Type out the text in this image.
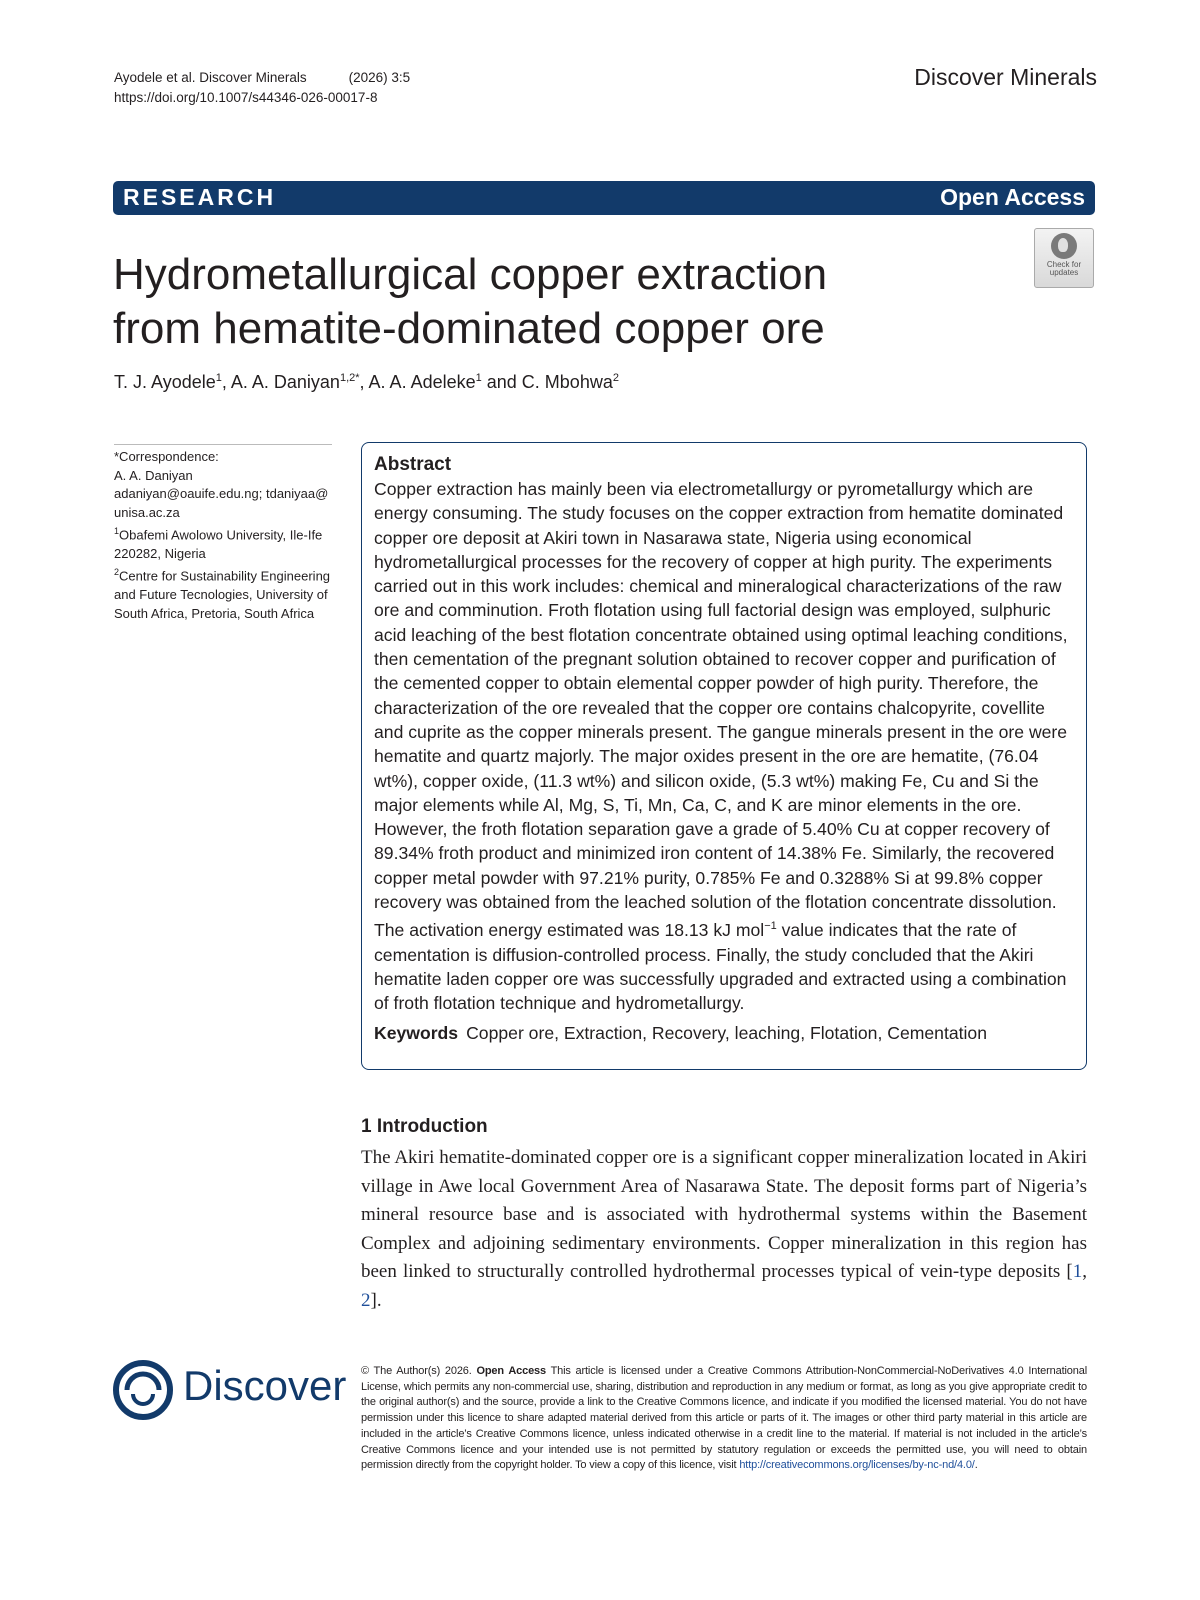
Ayodele et al. Discover Minerals	(2026) 3:5
https://doi.org/10.1007/s44346-026-00017-8
Discover Minerals
RESEARCH	Open Access
Check for
updates
Hydrometallurgical copper extraction
from hematite-dominated copper ore
T. J. Ayodele$^1$, A. A. Daniyan$^{1,2*}$, A. A. Adeleke$^1$ and C. Mbohwa$^2$
*Correspondence:
A. A. Daniyan
adaniyan@oauife.edu.ng; tdaniyaa@
unisa.ac.za
$^1$Obafemi Awolowo University, Ile-Ife 220282, Nigeria
$^2$Centre for Sustainability Engineering and Future Tecnologies, University of South Africa, Pretoria, South Africa
Abstract
Copper extraction has mainly been via electrometallurgy or pyrometallurgy which are energy consuming. The study focuses on the copper extraction from hematite dominated copper ore deposit at Akiri town in Nasarawa state, Nigeria using economical hydrometallurgical processes for the recovery of copper at high purity. The experiments carried out in this work includes: chemical and mineralogical characterizations of the raw ore and comminution. Froth flotation using full factorial design was employed, sulphuric acid leaching of the best flotation concentrate obtained using optimal leaching conditions, then cementation of the pregnant solution obtained to recover copper and purification of the cemented copper to obtain elemental copper powder of high purity. Therefore, the characterization of the ore revealed that the copper ore contains chalcopyrite, covellite and cuprite as the copper minerals present. The gangue minerals present in the ore were hematite and quartz majorly. The major oxides present in the ore are hematite, (76.04 wt%), copper oxide, (11.3 wt%) and silicon oxide, (5.3 wt%) making Fe, Cu and Si the major elements while Al, Mg, S, Ti, Mn, Ca, C, and K are minor elements in the ore. However, the froth flotation separation gave a grade of 5.40% Cu at copper recovery of 89.34% froth product and minimized iron content of 14.38% Fe. Similarly, the recovered copper metal powder with 97.21% purity, 0.785% Fe and 0.3288% Si at 99.8% copper recovery was obtained from the leached solution of the flotation concentrate dissolution. The activation energy estimated was 18.13 kJ mol$^{-1}$ value indicates that the rate of cementation is diffusion-controlled process. Finally, the study concluded that the Akiri hematite laden copper ore was successfully upgraded and extracted using a combination of froth flotation technique and hydrometallurgy.
Keywords Copper ore, Extraction, Recovery, leaching, Flotation, Cementation
1 Introduction

The Akiri hematite-dominated copper ore is a significant copper mineralization located in Akiri village in Awe local Government Area of Nasarawa State. The deposit forms part of Nigeria’s mineral resource base and is associated with hydrothermal systems within the Basement Complex and adjoining sedimentary environments. Copper mineralization in this region has been linked to structurally controlled hydrothermal processes typical of vein-type deposits [1, 2].

Discover © The Author(s) 2026. Open Access This article is licensed under a Creative Commons Attribution-NonCommercial-NoDerivatives 4.0 International License, which permits any non-commercial use, sharing, distribution and reproduction in any medium or format, as long as you give appropriate credit to the original author(s) and the source, provide a link to the Creative Commons licence, and indicate if you modified the licensed material. You do not have permission under this licence to share adapted material derived from this article or parts of it. The images or other third party material in this article are included in the article’s Creative Commons licence, unless indicated otherwise in a credit line to the material. If material is not included in the article’s Creative Commons licence and your intended use is not permitted by statutory regulation or exceeds the permitted use, you will need to obtain permission directly from the copyright holder. To view a copy of this licence, visit http://creativecommons.org/licenses/by-nc-nd/4.0/.
